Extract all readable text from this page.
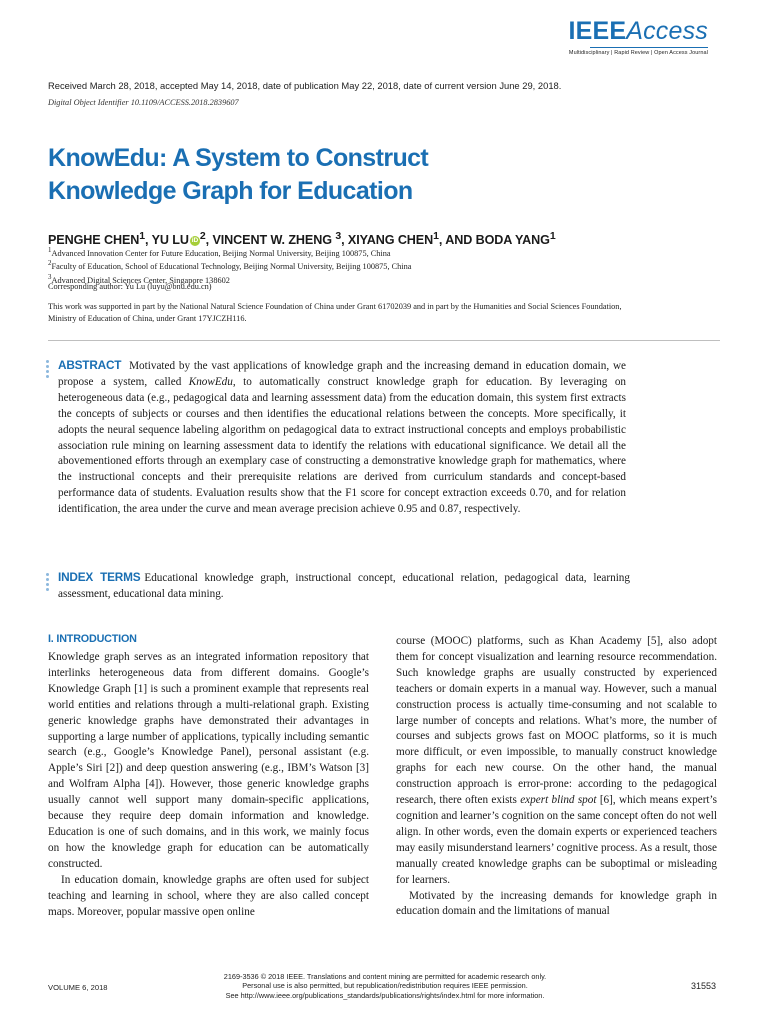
IEEEAccess
Multidisciplinary | Rapid Review | Open Access Journal
Received March 28, 2018, accepted May 14, 2018, date of publication May 22, 2018, date of current version June 29, 2018.
Digital Object Identifier 10.1109/ACCESS.2018.2839607
KnowEdu: A System to Construct
Knowledge Graph for Education
PENGHE CHEN$^1$, YU LU iD $^2$, VINCENT W. ZHENG $^3$, XIYANG CHEN$^1$, AND BODA YANG$^1$
$^1$Advanced Innovation Center for Future Education, Beijing Normal University, Beijing 100875, China
$^2$Faculty of Education, School of Educational Technology, Beijing Normal University, Beijing 100875, China
$^3$Advanced Digital Sciences Center, Singapore 138602
Corresponding author: Yu Lu (luyu@bnu.edu.cn)
This work was supported in part by the National Natural Science Foundation of China under Grant 61702039 and in part by the Humanities and Social Sciences Foundation, Ministry of Education of China, under Grant 17YJCZH116.
ABSTRACT Motivated by the vast applications of knowledge graph and the increasing demand in education domain, we propose a system, called KnowEdu, to automatically construct knowledge graph for education. By leveraging on heterogeneous data (e.g., pedagogical data and learning assessment data) from the education domain, this system first extracts the concepts of subjects or courses and then identifies the educational relations between the concepts. More specifically, it adopts the neural sequence labeling algorithm on pedagogical data to extract instructional concepts and employs probabilistic association rule mining on learning assessment data to identify the relations with educational significance. We detail all the abovementioned efforts through an exemplary case of constructing a demonstrative knowledge graph for mathematics, where the instructional concepts and their prerequisite relations are derived from curriculum standards and concept-based performance data of students. Evaluation results show that the F1 score for concept extraction exceeds 0.70, and for relation identification, the area under the curve and mean average precision achieve 0.95 and 0.87, respectively.
INDEX TERMS Educational knowledge graph, instructional concept, educational relation, pedagogical data, learning assessment, educational data mining.
I. INTRODUCTION

Knowledge graph serves as an integrated information repository that interlinks heterogeneous data from different domains. Google’s Knowledge Graph [1] is such a prominent example that represents real world entities and relations through a multi-relational graph. Existing generic knowledge graphs have demonstrated their advantages in supporting a large number of applications, typically including semantic search (e.g., Google’s Knowledge Panel), personal assistant (e.g. Apple’s Siri [2]) and deep question answering (e.g., IBM’s Watson [3] and Wolfram Alpha [4]). However, those generic knowledge graphs usually cannot well support many domain-specific applications, because they require deep domain information and knowledge. Education is one of such domains, and in this work, we mainly focus on how the knowledge graph for education can be automatically constructed.

In education domain, knowledge graphs are often used for subject teaching and learning in school, where they are also called concept maps. Moreover, popular massive open online

course (MOOC) platforms, such as Khan Academy [5], also adopt them for concept visualization and learning resource recommendation. Such knowledge graphs are usually constructed by experienced teachers or domain experts in a manual way. However, such a manual construction process is actually time-consuming and not scalable to large number of concepts and relations. What’s more, the number of courses and subjects grows fast on MOOC platforms, so it is much more difficult, or even impossible, to manually construct knowledge graphs for each new course. On the other hand, the manual construction approach is error-prone: according to the pedagogical research, there often exists expert blind spot [6], which means expert’s cognition and learner’s cognition on the same concept often do not well align. In other words, even the domain experts or experienced teachers may easily misunderstand learners’ cognitive process. As a result, those manually created knowledge graphs can be suboptimal or misleading for learners.

Motivated by the increasing demands for knowledge graph in education domain and the limitations of manual

VOLUME 6, 2018
2169-3536 © 2018 IEEE. Translations and content mining are permitted for academic research only.
Personal use is also permitted, but republication/redistribution requires IEEE permission.
See http://www.ieee.org/publications_standards/publications/rights/index.html for more information.
31553
